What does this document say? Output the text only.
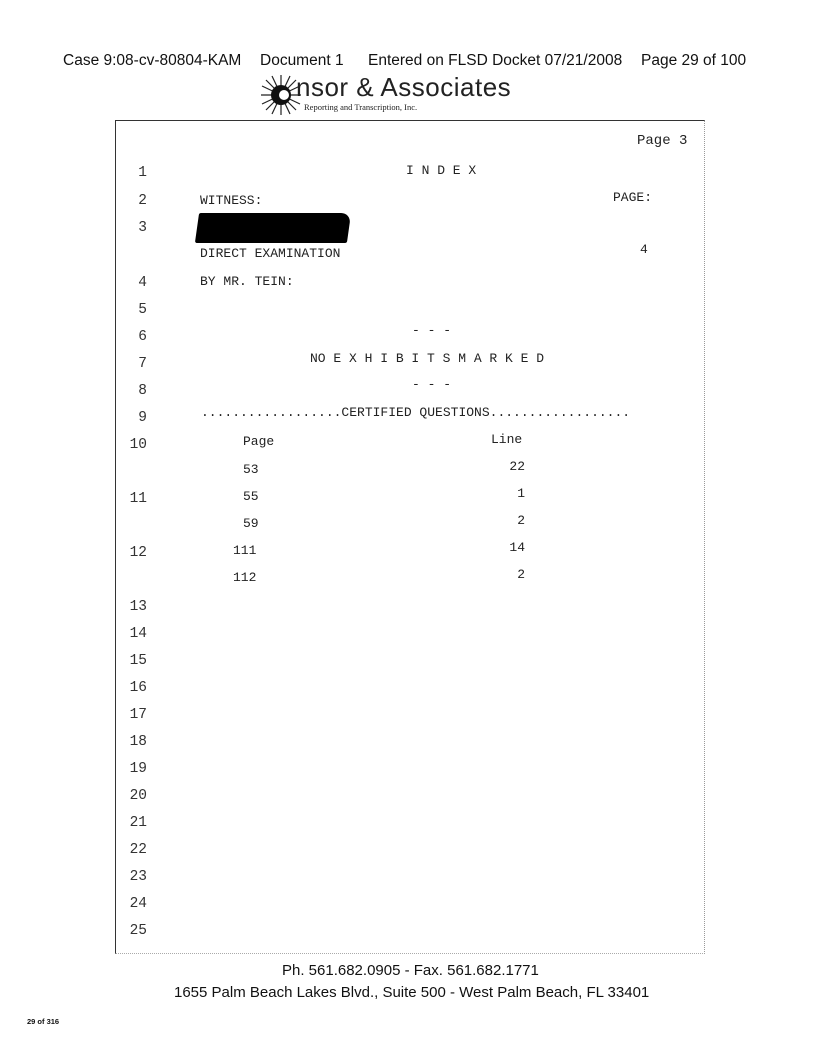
Case 9:08-cv-80804-KAM Document 1 Entered on FLSD Docket 07/21/2008 Page 29 of 100
nsor & Associates
Reporting and Transcription, Inc.
Page 3
1
2
3
4
5
6
7
8
9
10
11
12
13
14
15
16
17
18
19
20
21
22
23
24
25
I N D E X
WITNESS:	PAGE:
DIRECT EXAMINATION	4
BY MR. TEIN:
- - -
NO E X H I B I T S M A R K E D
- - -
..................CERTIFIED QUESTIONS..................
Page	Line
53	22
55	1
59	2
111	14
112	2
Ph. 561.682.0905 - Fax. 561.682.1771
1655 Palm Beach Lakes Blvd., Suite 500 - West Palm Beach, FL 33401
29 of 316
